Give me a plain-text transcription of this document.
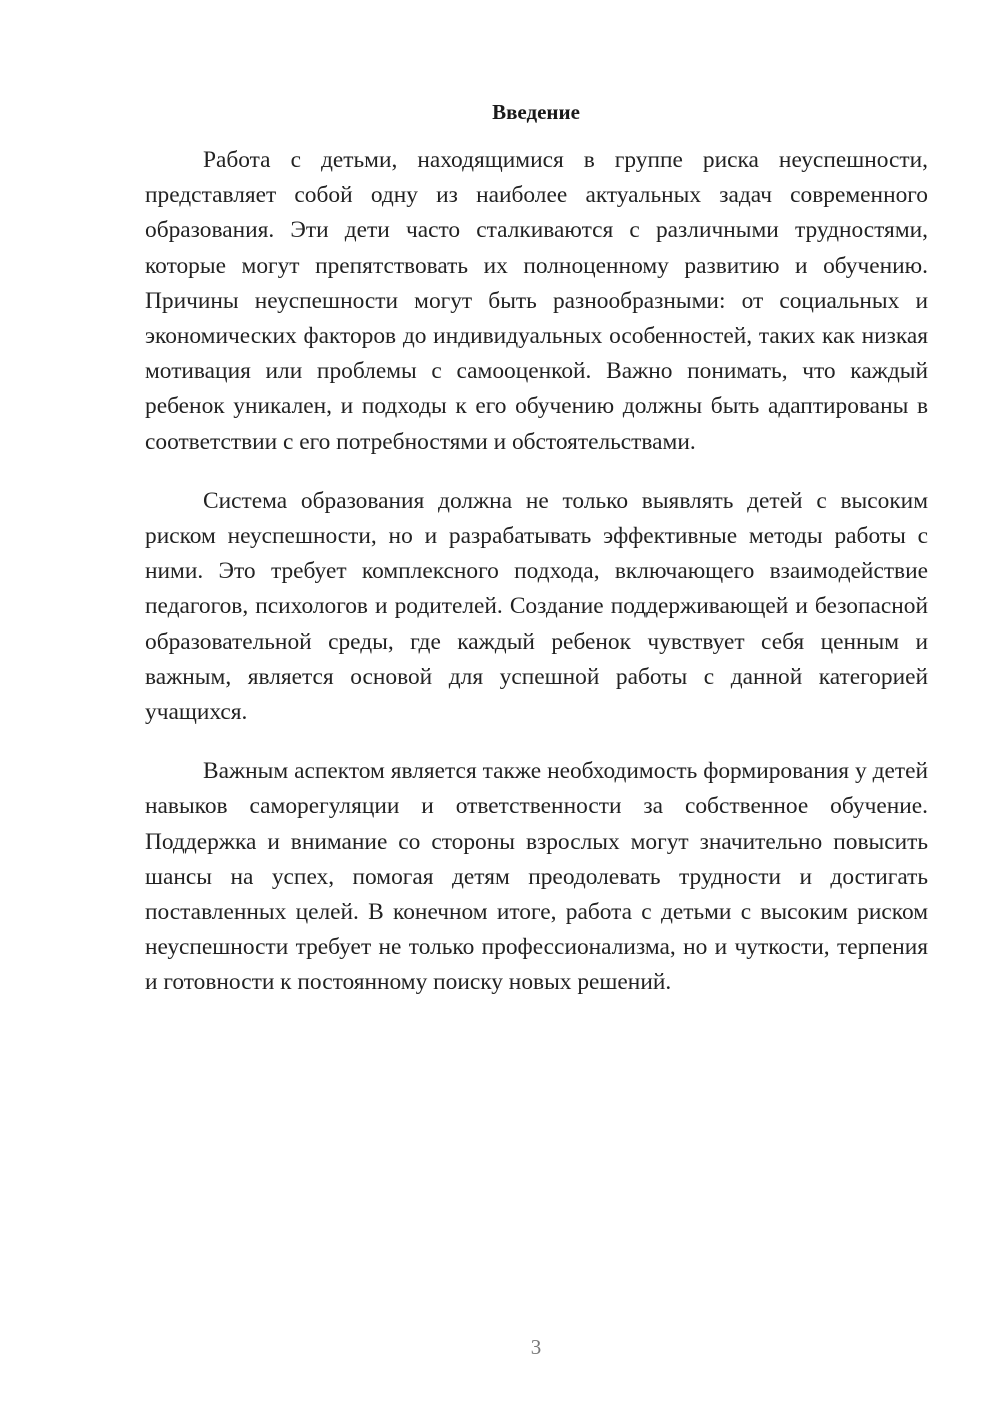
Введение

Работа с детьми, находящимися в группе риска неуспешности, представляет собой одну из наиболее актуальных задач современного образования. Эти дети часто сталкиваются с различными трудностями, которые могут препятствовать их полноценному развитию и обучению. Причины неуспешности могут быть разнообразными: от социальных и экономических факторов до индивидуальных особенностей, таких как низкая мотивация или проблемы с самооценкой. Важно понимать, что каждый ребенок уникален, и подходы к его обучению должны быть адаптированы в соответствии с его потребностями и обстоятельствами.

Система образования должна не только выявлять детей с высоким риском неуспешности, но и разрабатывать эффективные методы работы с ними. Это требует комплексного подхода, включающего взаимодействие педагогов, психологов и родителей. Создание поддерживающей и безопасной образовательной среды, где каждый ребенок чувствует себя ценным и важным, является основой для успешной работы с данной категорией учащихся.

Важным аспектом является также необходимость формирования у детей навыков саморегуляции и ответственности за собственное обучение. Поддержка и внимание со стороны взрослых могут значительно повысить шансы на успех, помогая детям преодолевать трудности и достигать поставленных целей. В конечном итоге, работа с детьми с высоким риском неуспешности требует не только профессионализма, но и чуткости, терпения и готовности к постоянному поиску новых решений.

3
